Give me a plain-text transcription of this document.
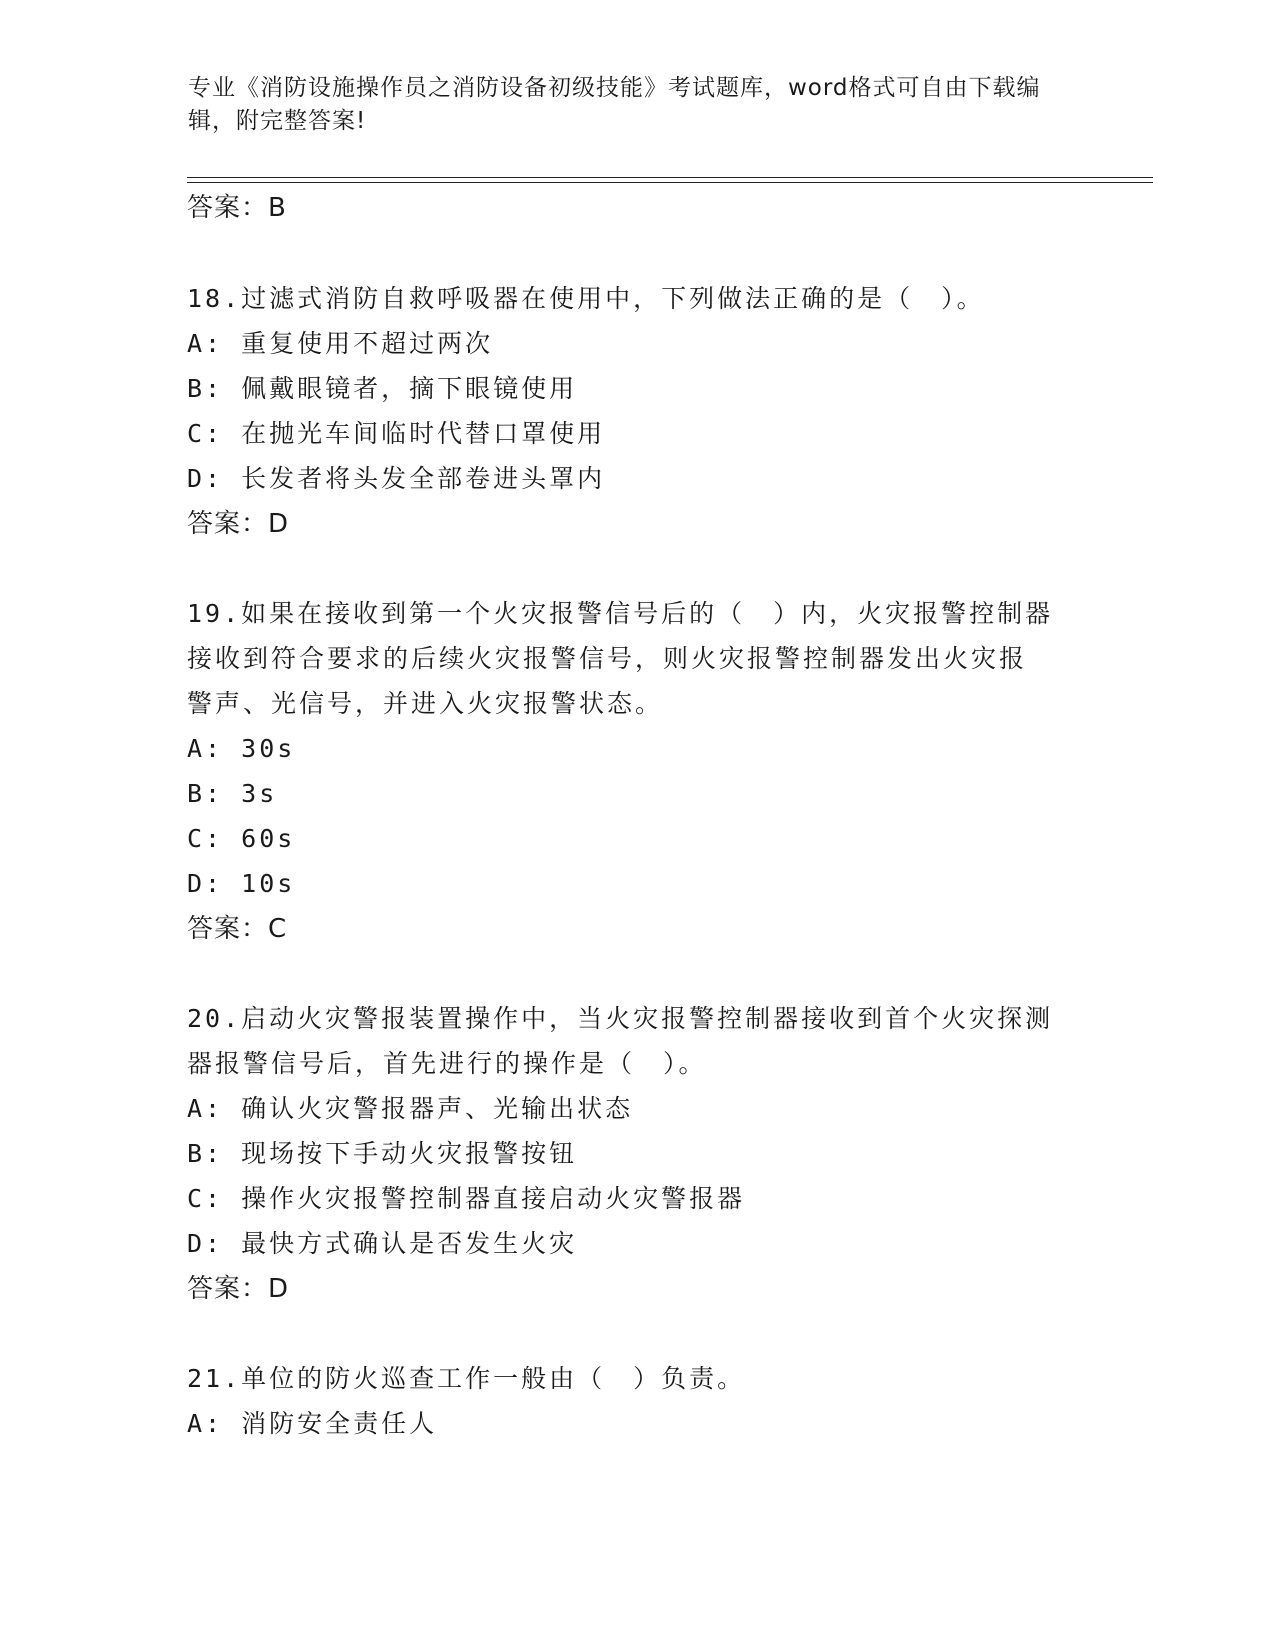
专业《消防设施操作员之消防设备初级技能》考试题库，word格式可自由下载编辑，附完整答案!
答案：B
18.过滤式消防自救呼吸器在使用中，下列做法正确的是（　）。
A: 重复使用不超过两次
B: 佩戴眼镜者，摘下眼镜使用
C: 在抛光车间临时代替口罩使用
D: 长发者将头发全部卷进头罩内
答案：D
19.如果在接收到第一个火灾报警信号后的（　）内，火灾报警控制器
接收到符合要求的后续火灾报警信号，则火灾报警控制器发出火灾报
警声、光信号，并进入火灾报警状态。
A: 30s
B: 3s
C: 60s
D: 10s
答案：C
20.启动火灾警报装置操作中，当火灾报警控制器接收到首个火灾探测
器报警信号后，首先进行的操作是（　）。
A: 确认火灾警报器声、光输出状态
B: 现场按下手动火灾报警按钮
C: 操作火灾报警控制器直接启动火灾警报器
D: 最快方式确认是否发生火灾
答案：D
21.单位的防火巡查工作一般由（　）负责。
A: 消防安全责任人
